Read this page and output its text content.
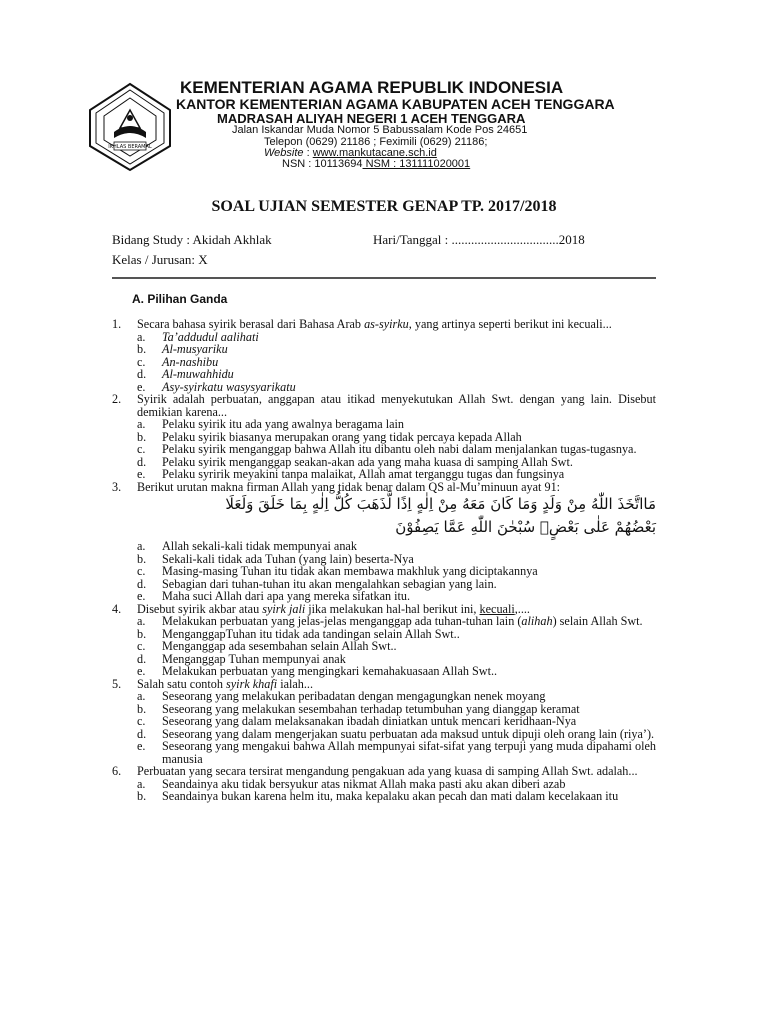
IKHLAS BERAMAL
KEMENTERIAN AGAMA REPUBLIK INDONESIA
KANTOR KEMENTERIAN AGAMA KABUPATEN ACEH TENGGARA
MADRASAH ALIYAH NEGERI 1 ACEH TENGGARA
Jalan Iskandar Muda Nomor 5 Babussalam Kode Pos 24651
Telepon (0629) 21186 ; Feximili (0629) 21186;
Website : www.mankutacane.sch.id
NSN : 10113694 NSM : 131111020001
SOAL UJIAN SEMESTER GENAP TP. 2017/2018
Bidang Study : Akidah Akhlak	Hari/Tanggal : .................................2018
Kelas / Jurusan: X
A. Pilihan Ganda
1. Secara bahasa syirik berasal dari Bahasa Arab as-syirku, yang artinya seperti berikut ini kecuali...
a. Ta’addudul aalihati
b. Al-musyariku
c. An-nashibu
d. Al-muwahhidu
e. Asy-syirkatu wasysyarikatu
2. Syirik adalah perbuatan, anggapan atau itikad menyekutukan Allah Swt. dengan yang lain. Disebut demikian karena...
a. Pelaku syirik itu ada yang awalnya beragama lain
b. Pelaku syirik biasanya merupakan orang yang tidak percaya kepada Allah
c. Pelaku syirik menganggap bahwa Allah itu dibantu oleh nabi dalam menjalankan tugas-tugasnya.
d. Pelaku syirik menganggap seakan-akan ada yang maha kuasa di samping Allah Swt.
e. Pelaku syririk meyakini tanpa malaikat, Allah amat terganggu tugas dan fungsinya
3. Berikut urutan makna firman Allah yang tidak benar dalam QS al-Mu’minuun ayat 91:
مَااتَّخَذَ اللّٰهُ مِنْ وَلَدٍ وَمَا كَانَ مَعَهُ مِنْ اِلٰهٍ اِذًا لَّذَهَبَ كُلُّ اِلٰهٍ بِمَا خَلَقَ وَلَعَلَا
بَعْضُهُمْ عَلٰى بَعْضٍۗ سُبْحٰنَ اللّٰهِ عَمَّا يَصِفُوْنَ
a. Allah sekali-kali tidak mempunyai anak
b. Sekali-kali tidak ada Tuhan (yang lain) beserta-Nya
c. Masing-masing Tuhan itu tidak akan membawa makhluk yang diciptakannya
d. Sebagian dari tuhan-tuhan itu akan mengalahkan sebagian yang lain.
e. Maha suci Allah dari apa yang mereka sifatkan itu.
4. Disebut syirik akbar atau syirk jali jika melakukan hal-hal berikut ini, kecuali,....
a. Melakukan perbuatan yang jelas-jelas menganggap ada tuhan-tuhan lain (alihah) selain Allah Swt.
b. MenganggapTuhan itu tidak ada tandingan selain Allah Swt..
c. Menganggap ada sesembahan selain Allah Swt..
d. Menganggap Tuhan mempunyai anak
e. Melakukan perbuatan yang mengingkari kemahakuasaan Allah Swt..
5. Salah satu contoh syirk khafi ialah...
a. Seseorang yang melakukan peribadatan dengan mengagungkan nenek moyang
b. Seseorang yang melakukan sesembahan terhadap tetumbuhan yang dianggap keramat
c. Seseorang yang dalam melaksanakan ibadah diniatkan untuk mencari keridhaan-Nya
d. Seseorang yang dalam mengerjakan suatu perbuatan ada maksud untuk dipuji oleh orang lain (riya’).
e. Seseorang yang mengakui bahwa Allah mempunyai sifat-sifat yang terpuji yang muda dipahami oleh manusia
6. Perbuatan yang secara tersirat mengandung pengakuan ada yang kuasa di samping Allah Swt. adalah...
a. Seandainya aku tidak bersyukur atas nikmat Allah maka pasti aku akan diberi azab
b. Seandainya bukan karena helm itu, maka kepalaku akan pecah dan mati dalam kecelakaan itu
